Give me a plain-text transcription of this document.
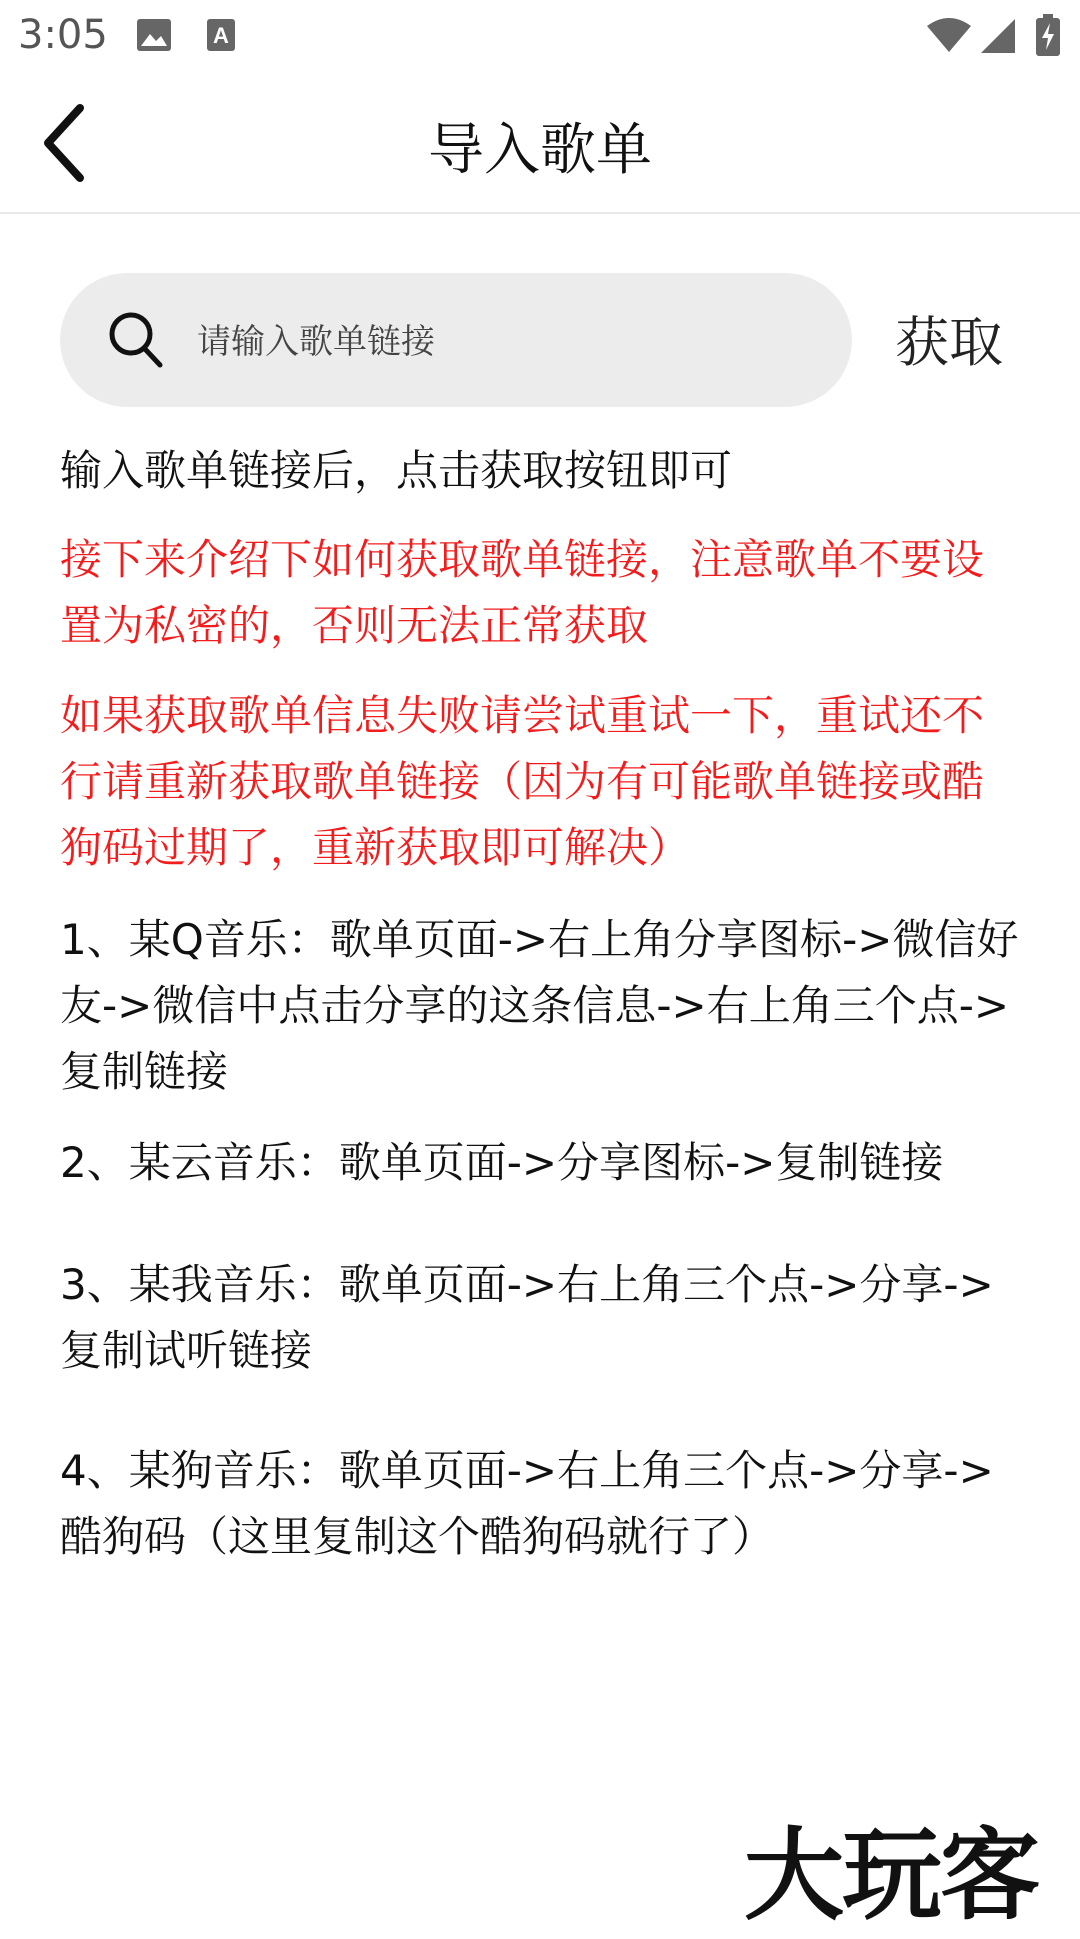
3:05	A
导入歌单
请输入歌单链接
获取
输入歌单链接后，点击获取按钮即可
接下来介绍下如何获取歌单链接，注意歌单不要设置为私密的，否则无法正常获取
如果获取歌单信息失败请尝试重试一下，重试还不行请重新获取歌单链接（因为有可能歌单链接或酷狗码过期了，重新获取即可解决）
1、某Q音乐：歌单页面->右上角分享图标->微信好友->微信中点击分享的这条信息->右上角三个点->复制链接
2、某云音乐：歌单页面->分享图标->复制链接
3、某我音乐：歌单页面->右上角三个点->分享->复制试听链接
4、某狗音乐：歌单页面->右上角三个点->分享->酷狗码（这里复制这个酷狗码就行了）
大玩客
